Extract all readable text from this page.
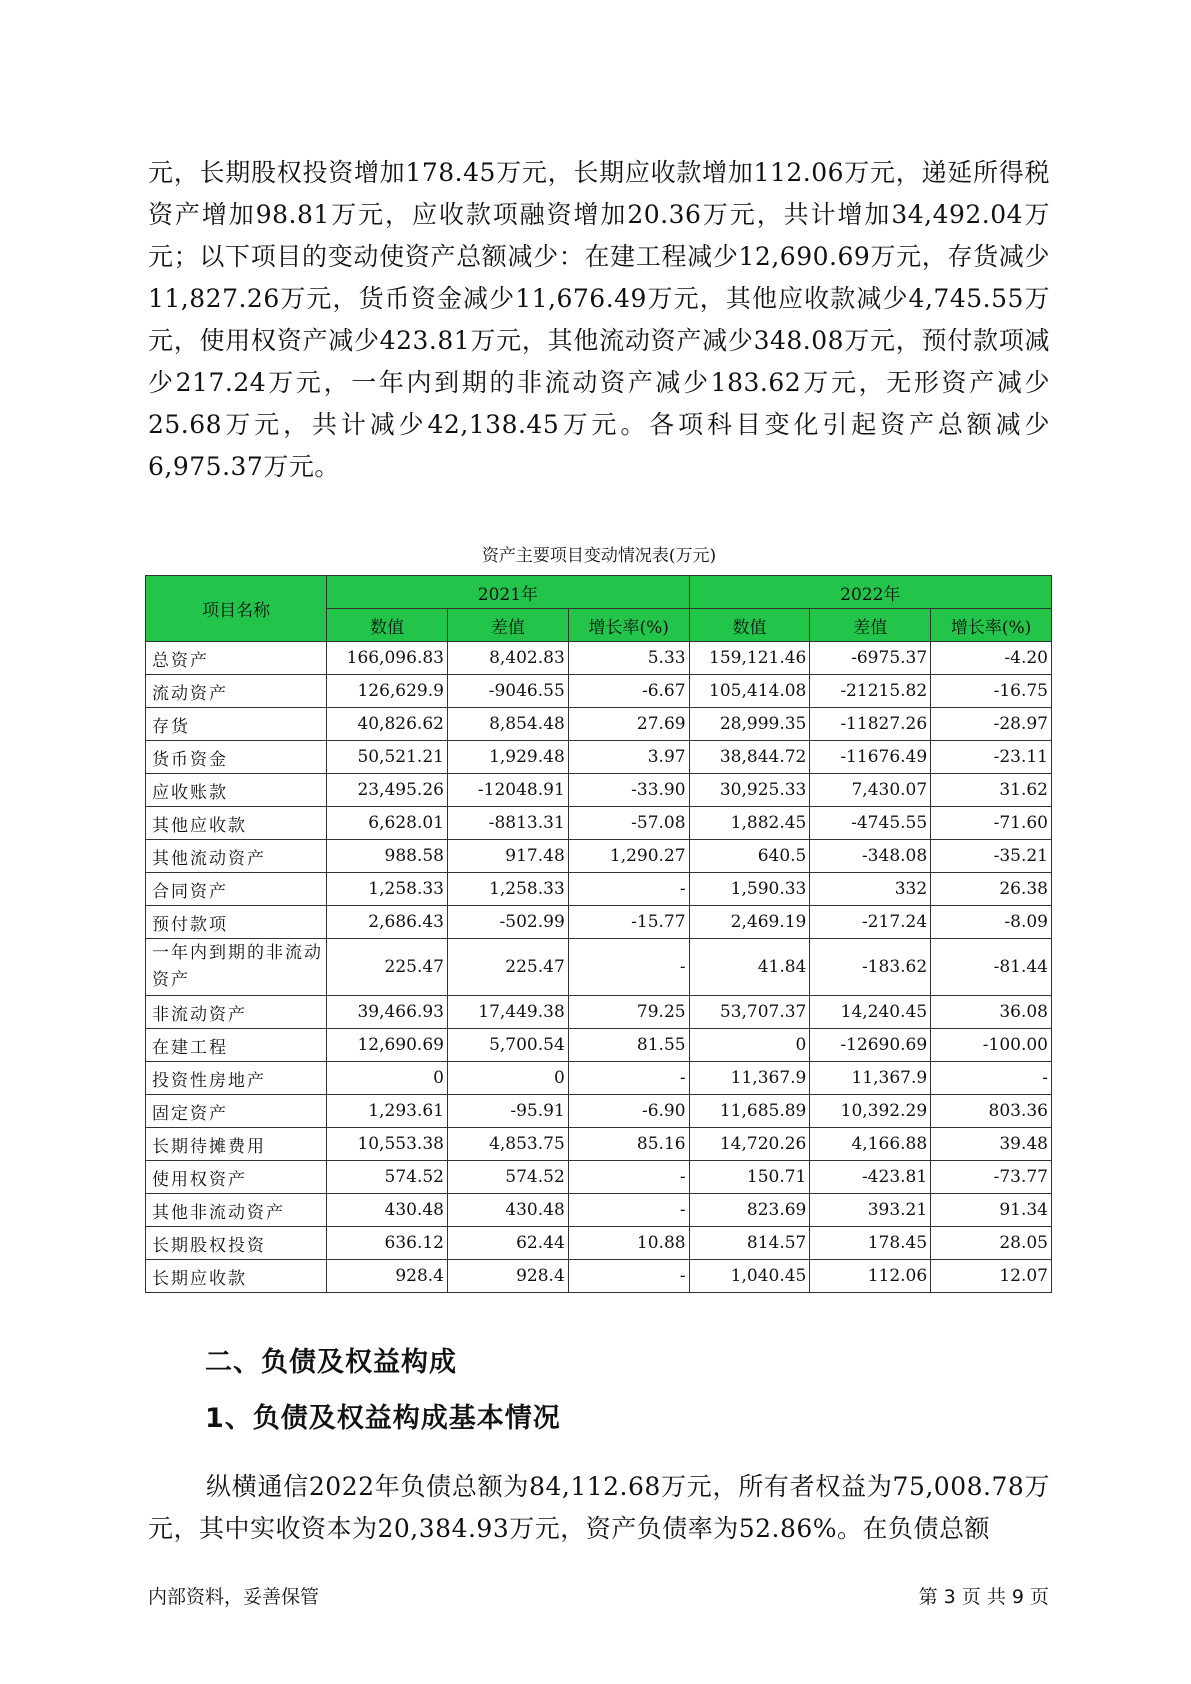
元，长期股权投资增加178.45万元，长期应收款增加112.06万元，递延所得税资产增加98.81万元，应收款项融资增加20.36万元，共计增加34,492.04万元；以下项目的变动使资产总额减少：在建工程减少12,690.69万元，存货减少11,827.26万元，货币资金减少11,676.49万元，其他应收款减少4,745.55万元，使用权资产减少423.81万元，其他流动资产减少348.08万元，预付款项减少217.24万元，一年内到期的非流动资产减少183.62万元，无形资产减少25.68万元，共计减少42,138.45万元。各项科目变化引起资产总额减少6,975.37万元。

资产主要项目变动情况表(万元)
项目名称	2021年			2022年		
	数值	差值	增长率(%)	数值	差值	增长率(%)
总资产	166,096.83	8,402.83	5.33	159,121.46	-6975.37	-4.20
流动资产	126,629.9	-9046.55	-6.67	105,414.08	-21215.82	-16.75
存货	40,826.62	8,854.48	27.69	28,999.35	-11827.26	-28.97
货币资金	50,521.21	1,929.48	3.97	38,844.72	-11676.49	-23.11
应收账款	23,495.26	-12048.91	-33.90	30,925.33	7,430.07	31.62
其他应收款	6,628.01	-8813.31	-57.08	1,882.45	-4745.55	-71.60
其他流动资产	988.58	917.48	1,290.27	640.5	-348.08	-35.21
合同资产	1,258.33	1,258.33	-	1,590.33	332	26.38
预付款项	2,686.43	-502.99	-15.77	2,469.19	-217.24	-8.09
一年内到期的非流动资产	225.47	225.47	-	41.84	-183.62	-81.44
非流动资产	39,466.93	17,449.38	79.25	53,707.37	14,240.45	36.08
在建工程	12,690.69	5,700.54	81.55	0	-12690.69	-100.00
投资性房地产	0	0	-	11,367.9	11,367.9	-
固定资产	1,293.61	-95.91	-6.90	11,685.89	10,392.29	803.36
长期待摊费用	10,553.38	4,853.75	85.16	14,720.26	4,166.88	39.48
使用权资产	574.52	574.52	-	150.71	-423.81	-73.77
其他非流动资产	430.48	430.48	-	823.69	393.21	91.34
长期股权投资	636.12	62.44	10.88	814.57	178.45	28.05
长期应收款	928.4	928.4	-	1,040.45	112.06	12.07
二、负债及权益构成
1、负债及权益构成基本情况

纵横通信2022年负债总额为84,112.68万元，所有者权益为75,008.78万元，其中实收资本为20,384.93万元，资产负债率为52.86%。在负债总额

内部资料，妥善保管	第 3 页 共 9 页
